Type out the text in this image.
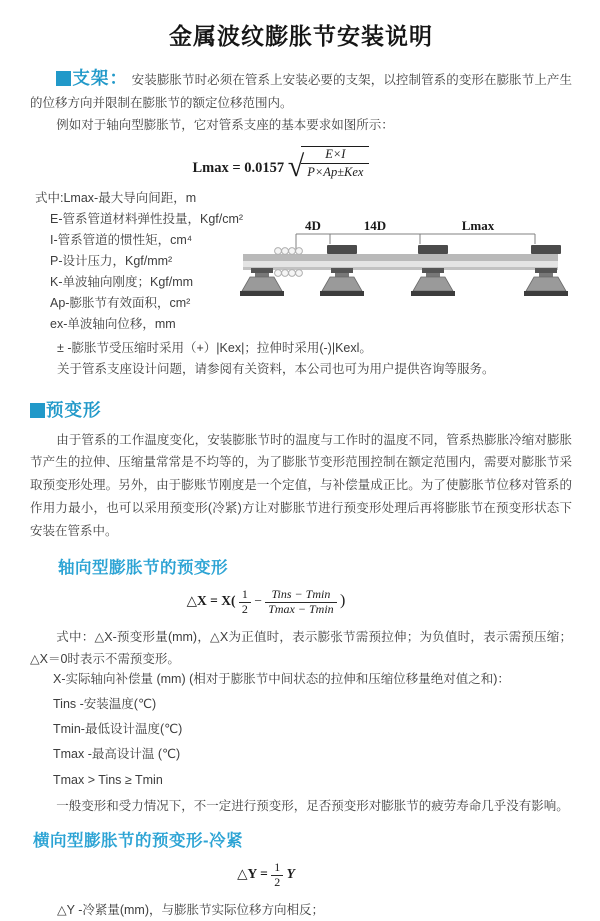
金属波纹膨胀节安装说明

支架： 安装膨胀节时必须在管系上安装必要的支架，以控制管系的变形在膨胀节上产生的位移方向并限制在膨胀节的额定位移范围内。

例如对于轴向型膨胀节，它对管系支座的基本要求如图所示：

Lmax = 0.0157 √
$\frac{E\times I}{\text{P×Ap±Kex}}$

式中:Lmax-最大导向间距，m

E-管系管道材料弹性投量，Kgf/cm²

I-管系管道的惯性矩，cm⁴

P-设计压力，Kgf/mm²

K-单波轴向刚度；Kgf/mm

Ap-膨胀节有效面积，cm²

ex-单波轴向位移，mm

4D	14D	Lmax

± -膨胀节受压缩时采用（+）|Kex|；拉伸时采用(-)|Kexl。

关于管系支座设计问题，请参阅有关资料，本公司也可为用户提供咨询等服务。

预变形

由于管系的工作温度变化，安装膨胀节时的温度与工作时的温度不同，管系热膨胀冷缩对膨胀节产生的拉伸、压缩量常常是不均等的，为了膨胀节变形范围控制在额定范围内，需要对膨胀节采取预变形处理。另外，由于膨账节刚度是一个定值，与补偿量成正比。为了使膨胀节位移对管系的作用力最小，也可以采用预变形(冷紧)方让对膨胀节进行预变形处理后再将膨胀节在预变形状态下安装在管系中。

轴向型膨胀节的预变形
△X = $X( \frac{1}{2}$ − Tins − Tmin
Tmax − Tmin )

式中：△X-预变形量(mm)，△X为正值时，表示膨张节需预拉伸；为负值时，表示需预压缩；△X＝0时表示不需预变形。

X-实际轴向补偿量 (mm) (相对于膨胀节中间状态的拉伸和压缩位移量绝对值之和)：

Tins -安装温度(℃)

Tmin-最低设计温度(℃)

Tmax -最高设计温 (℃)

Tmax > Tins ≥ Tmin

一般变形和受力情况下，不一定进行预变形，足否预变形对膨胀节的疲劳寿命几乎没有影响。

横向型膨胀节的预变形-冷紧
△Y = $\frac{1}{2}$ Y

△Y -冷紧量(mm)，与膨胀节实际位移方向相反；
